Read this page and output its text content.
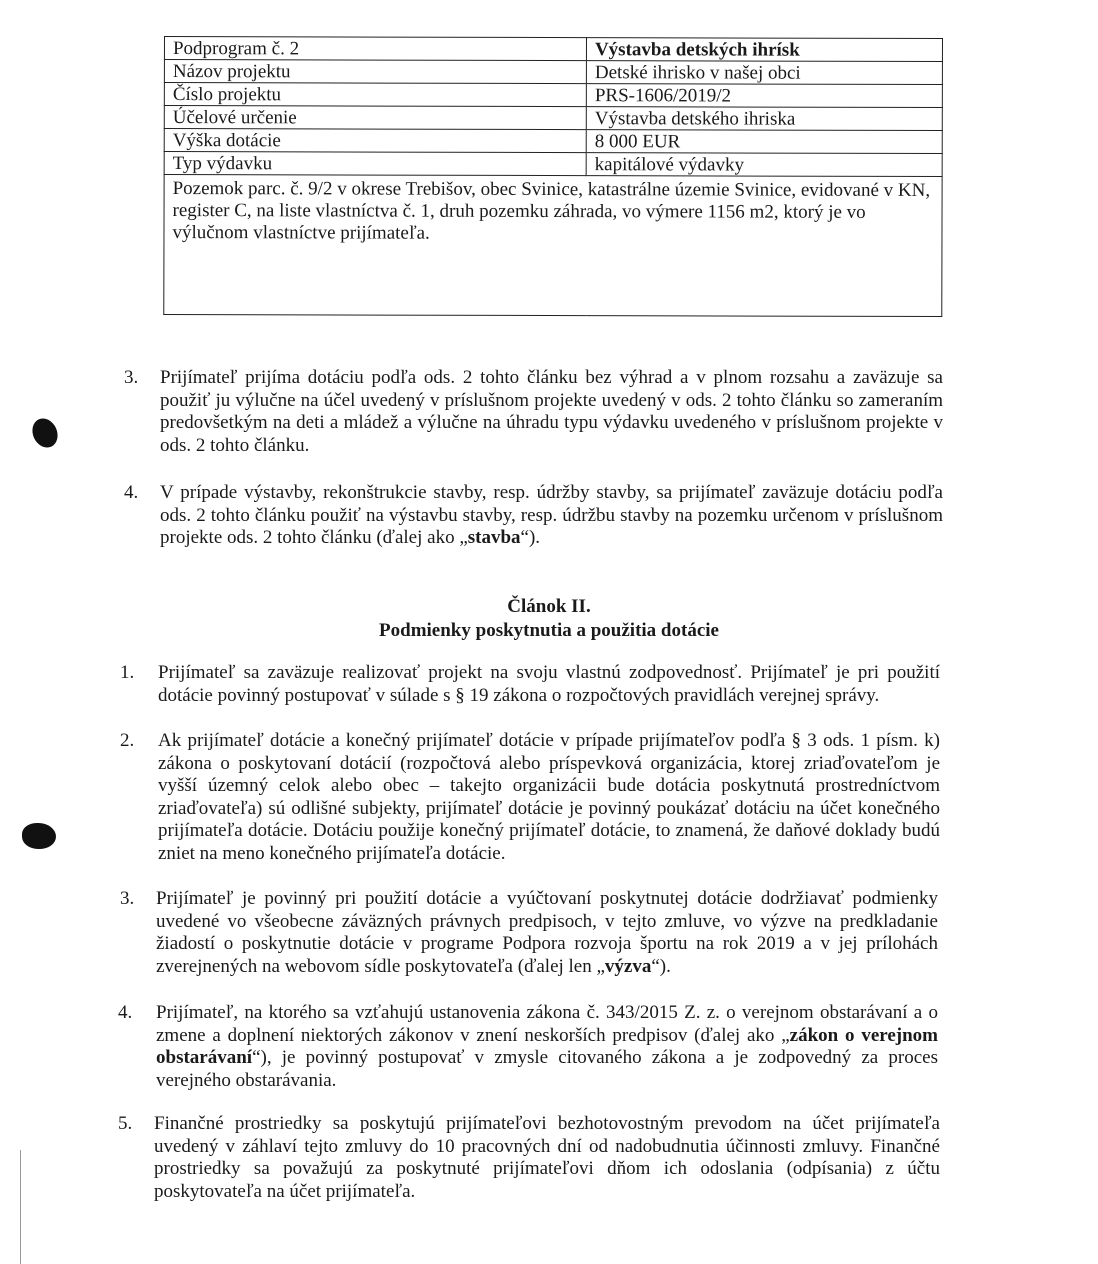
Podprogram č. 2	Výstavba detských ihrísk
Názov projektu	Detské ihrisko v našej obci
Číslo projektu	PRS-1606/2019/2
Účelové určenie	Výstavba detského ihriska
Výška dotácie	8 000 EUR
Typ výdavku	kapitálové výdavky
Pozemok parc. č. 9/2 v okrese Trebišov, obec Svinice, katastrálne územie Svinice, evidované v KN, register C, na liste vlastníctva č. 1, druh pozemku záhrada, vo výmere 1156 m2, ktorý je vo výlučnom vlastníctve prijímateľa.	
3. Prijímateľ prijíma dotáciu podľa ods. 2 tohto článku bez výhrad a v plnom rozsahu a zaväzuje sa použiť ju výlučne na účel uvedený v príslušnom projekte uvedený v ods. 2 tohto článku so zameraním predovšetkým na deti a mládež a výlučne na úhradu typu výdavku uvedeného v príslušnom projekte v ods. 2 tohto článku.
4. V prípade výstavby, rekonštrukcie stavby, resp. údržby stavby, sa prijímateľ zaväzuje dotáciu podľa ods. 2 tohto článku použiť na výstavbu stavby, resp. údržbu stavby na pozemku určenom v príslušnom projekte ods. 2 tohto článku (ďalej ako „stavba“).
Článok II.
Podmienky poskytnutia a použitia dotácie
1. Prijímateľ sa zaväzuje realizovať projekt na svoju vlastnú zodpovednosť. Prijímateľ je pri použití dotácie povinný postupovať v súlade s § 19 zákona o rozpočtových pravidlách verejnej správy.
2. Ak prijímateľ dotácie a konečný prijímateľ dotácie v prípade prijímateľov podľa § 3 ods. 1 písm. k) zákona o poskytovaní dotácií (rozpočtová alebo príspevková organizácia, ktorej zriaďovateľom je vyšší územný celok alebo obec – takejto organizácii bude dotácia poskytnutá prostredníctvom zriaďovateľa) sú odlišné subjekty, prijímateľ dotácie je povinný poukázať dotáciu na účet konečného prijímateľa dotácie. Dotáciu použije konečný prijímateľ dotácie, to znamená, že daňové doklady budú zniet na meno konečného prijímateľa dotácie.
3. Prijímateľ je povinný pri použití dotácie a vyúčtovaní poskytnutej dotácie dodržiavať podmienky uvedené vo všeobecne záväzných právnych predpisoch, v tejto zmluve, vo výzve na predkladanie žiadostí o poskytnutie dotácie v programe Podpora rozvoja športu na rok 2019 a v jej prílohách zverejnených na webovom sídle poskytovateľa (ďalej len „výzva“).
4. Prijímateľ, na ktorého sa vzťahujú ustanovenia zákona č. 343/2015 Z. z. o verejnom obstarávaní a o zmene a doplnení niektorých zákonov v znení neskorších predpisov (ďalej ako „zákon o verejnom obstarávaní“), je povinný postupovať v zmysle citovaného zákona a je zodpovedný za proces verejného obstarávania.
5. Finančné prostriedky sa poskytujú prijímateľovi bezhotovostným prevodom na účet prijímateľa uvedený v záhlaví tejto zmluvy do 10 pracovných dní od nadobudnutia účinnosti zmluvy. Finančné prostriedky sa považujú za poskytnuté prijímateľovi dňom ich odoslania (odpísania) z účtu poskytovateľa na účet prijímateľa.
